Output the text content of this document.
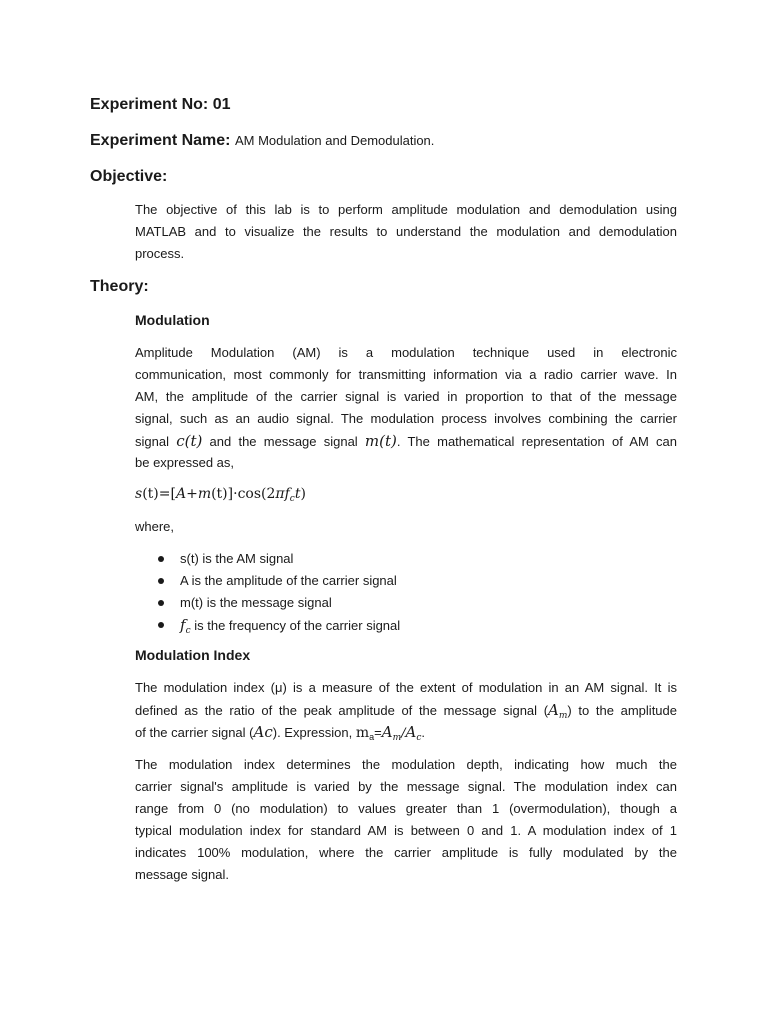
Experiment No: 01
Experiment Name: AM Modulation and Demodulation.
Objective:
The objective of this lab is to perform amplitude modulation and demodulation using
MATLAB and to visualize the results to understand the modulation and demodulation
process.
Theory:
Modulation
Amplitude Modulation (AM) is a modulation technique used in electronic
communication, most commonly for transmitting information via a radio carrier wave. In
AM, the amplitude of the carrier signal is varied in proportion to that of the message
signal, such as an audio signal. The modulation process involves combining the carrier
signal c(t) and the message signal m(t). The mathematical representation of AM can
be expressed as,
$s(t)=[A+m(t)]\cdot\cos(2\pi f_ct)$
where,
s(t) is the AM signal
A is the amplitude of the carrier signal
m(t) is the message signal
$f_c$ is the frequency of the carrier signal
Modulation Index
The modulation index (μ) is a measure of the extent of modulation in an AM signal. It is
defined as the ratio of the peak amplitude of the message signal $(A_m)$ to the amplitude
of the carrier signal (Ac). Expression, $m_a=A_m/A_c$.
The modulation index determines the modulation depth, indicating how much the
carrier signal's amplitude is varied by the message signal. The modulation index can
range from 0 (no modulation) to values greater than 1 (overmodulation), though a
typical modulation index for standard AM is between 0 and 1. A modulation index of 1
indicates 100% modulation, where the carrier amplitude is fully modulated by the
message signal.
